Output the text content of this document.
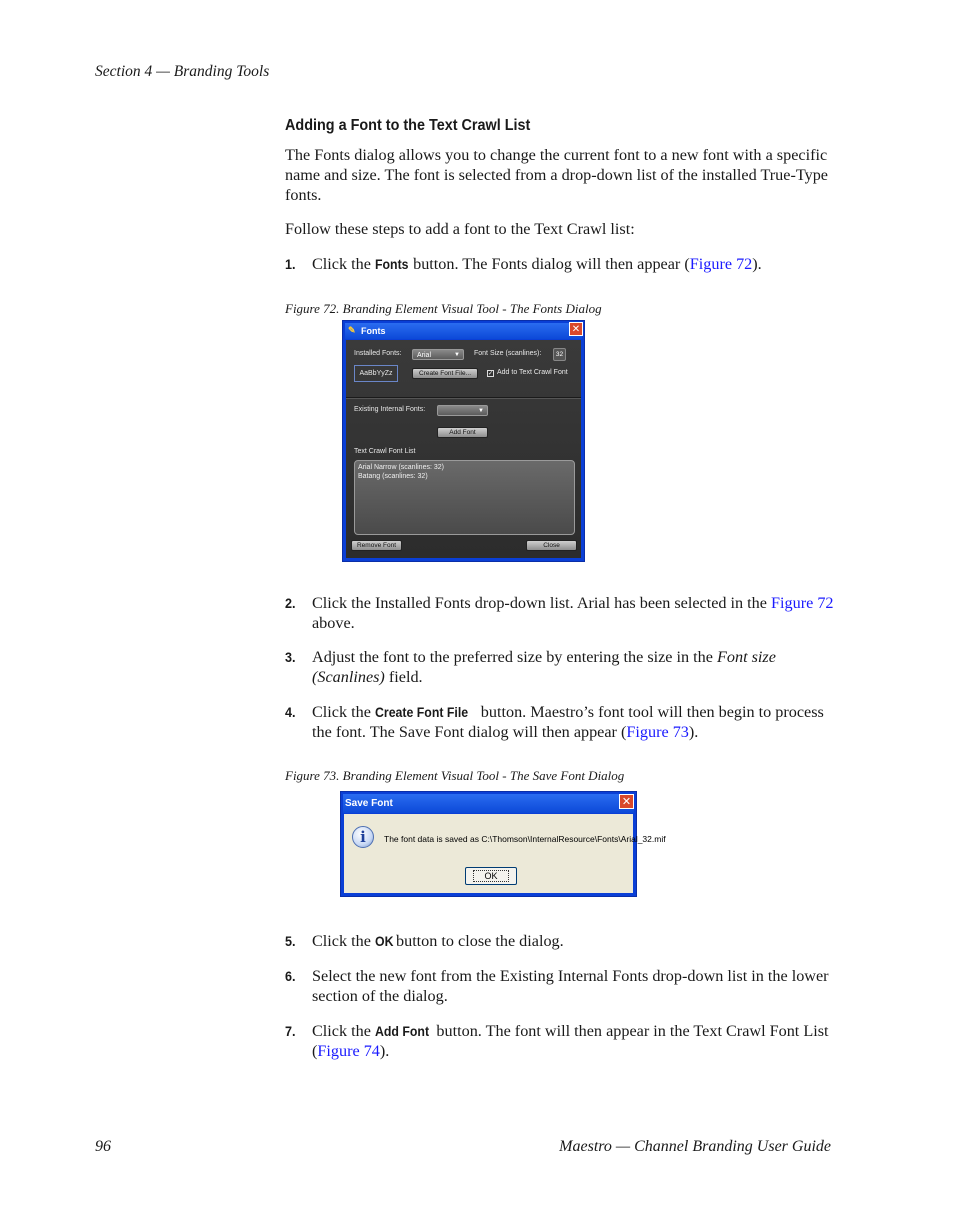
Section 4 — Branding Tools
Adding a Font to the Text Crawl List
The Fonts dialog allows you to change the current font to a new font with a specific name and size. The font is selected from a drop-down list of the installed True-Type fonts.
Follow these steps to add a font to the Text Crawl list:
1. Click the Fonts button. The Fonts dialog will then appear (Figure 72).
Figure 72. Branding Element Visual Tool - The Fonts Dialog
✎ Fonts	✕
Installed Fonts:	Arial	▼ Font Size (scanlines):	32
AaBbYyZz	Create Font File...	✓ Add to Text Crawl Font
Existing Internal Fonts:	▼
Add Font
Text Crawl Font List
Arial Narrow (scanlines: 32)
Batang (scanlines: 32)
Remove Font	Close
2. Click the Installed Fonts drop-down list. Arial has been selected in the Figure 72 above.
3. Adjust the font to the preferred size by entering the size in the Font size (Scanlines) field.
4. Click the Create Font File button. Maestro’s font tool will then begin to process the font. The Save Font dialog will then appear (Figure 73).
Figure 73. Branding Element Visual Tool - The Save Font Dialog
Save Font	✕
i	The font data is saved as C:\Thomson\InternalResource\Fonts\Arial_32.mif
OK
5. Click the OK button to close the dialog.
6. Select the new font from the Existing Internal Fonts drop-down list in the lower section of the dialog.
7. Click the Add Font button. The font will then appear in the Text Crawl Font List (Figure 74).
96	Maestro — Channel Branding User Guide
